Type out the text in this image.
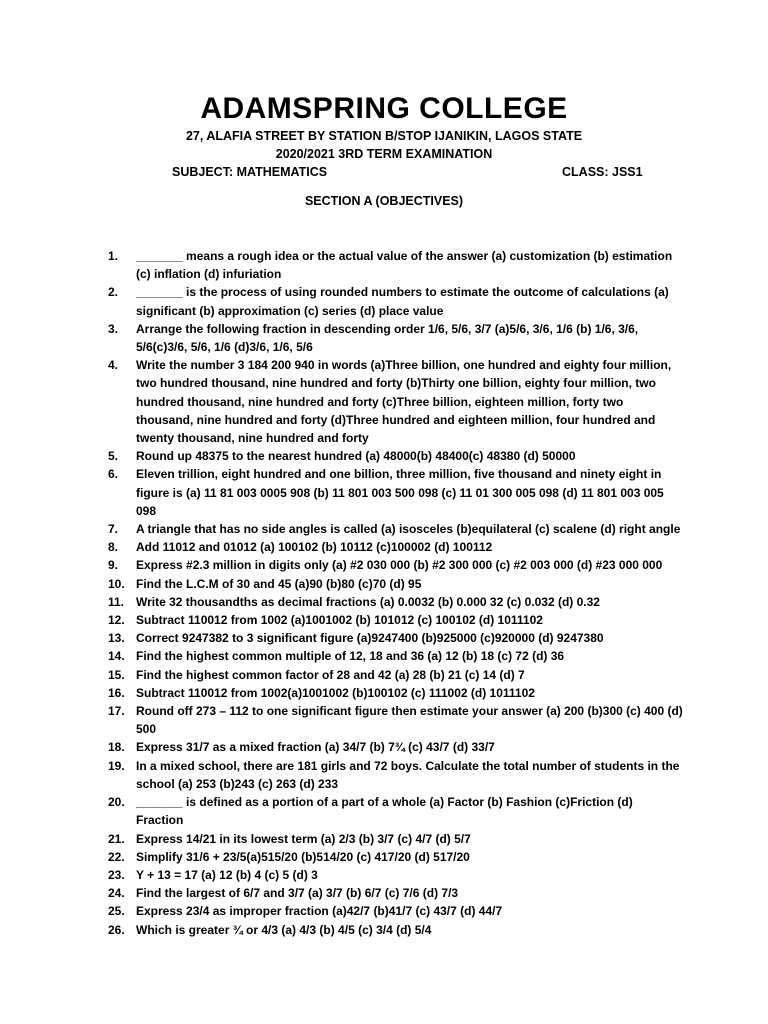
ADAMSPRING COLLEGE
27, ALAFIA STREET BY STATION B/STOP IJANIKIN, LAGOS STATE
2020/2021 3RD TERM EXAMINATION
SUBJECT: MATHEMATICS	CLASS: JSS1
SECTION A (OBJECTIVES)
1. _______ means a rough idea or the actual value of the answer (a) customization (b) estimation (c) inflation (d) infuriation
2. _______ is the process of using rounded numbers to estimate the outcome of calculations (a) significant (b) approximation (c) series (d) place value
3. Arrange the following fraction in descending order 1/6, 5/6, 3/7 (a)5/6, 3/6, 1/6 (b) 1/6, 3/6, 5/6(c)3/6, 5/6, 1/6 (d)3/6, 1/6, 5/6
4. Write the number 3 184 200 940 in words (a)Three billion, one hundred and eighty four million, two hundred thousand, nine hundred and forty (b)Thirty one billion, eighty four million, two hundred thousand, nine hundred and forty (c)Three billion, eighteen million, forty two thousand, nine hundred and forty (d)Three hundred and eighteen million, four hundred and twenty thousand, nine hundred and forty
5. Round up 48375 to the nearest hundred (a) 48000(b) 48400(c) 48380 (d) 50000
6. Eleven trillion, eight hundred and one billion, three million, five thousand and ninety eight in figure is (a) 11 81 003 0005 908 (b) 11 801 003 500 098 (c) 11 01 300 005 098 (d) 11 801 003 005 098
7. A triangle that has no side angles is called (a) isosceles (b)equilateral (c) scalene (d) right angle
8. Add 11012 and 01012 (a) 100102 (b) 10112 (c)100002 (d) 100112
9. Express #2.3 million in digits only (a) #2 030 000 (b) #2 300 000 (c) #2 003 000 (d) #23 000 000
10. Find the L.C.M of 30 and 45 (a)90 (b)80 (c)70 (d) 95
11. Write 32 thousandths as decimal fractions (a) 0.0032 (b) 0.000 32 (c) 0.032 (d) 0.32
12. Subtract 110012 from 1002 (a)1001002 (b) 101012 (c) 100102 (d) 1011102
13. Correct 9247382 to 3 significant figure (a)9247400 (b)925000 (c)920000 (d) 9247380
14. Find the highest common multiple of 12, 18 and 36 (a) 12 (b) 18 (c) 72 (d) 36
15. Find the highest common factor of 28 and 42 (a) 28 (b) 21 (c) 14 (d) 7
16. Subtract 110012 from 1002(a)1001002 (b)100102 (c) 111002 (d) 1011102
17. Round off 273 – 112 to one significant figure then estimate your answer (a) 200 (b)300 (c) 400 (d) 500
18. Express 31/7 as a mixed fraction (a) 34/7 (b) 7¾ (c) 43/7 (d) 33/7
19. In a mixed school, there are 181 girls and 72 boys. Calculate the total number of students in the school (a) 253 (b)243 (c) 263 (d) 233
20. _______ is defined as a portion of a part of a whole (a) Factor (b) Fashion (c)Friction (d) Fraction
21. Express 14/21 in its lowest term (a) 2/3 (b) 3/7 (c) 4/7 (d) 5/7
22. Simplify 31/6 + 23/5(a)515/20 (b)514/20 (c) 417/20 (d) 517/20
23. Y + 13 = 17 (a) 12 (b) 4 (c) 5 (d) 3
24. Find the largest of 6/7 and 3/7 (a) 3/7 (b) 6/7 (c) 7/6 (d) 7/3
25. Express 23/4 as improper fraction (a)42/7 (b)41/7 (c) 43/7 (d) 44/7
26. Which is greater ¾ or 4/3 (a) 4/3 (b) 4/5 (c) 3/4 (d) 5/4
